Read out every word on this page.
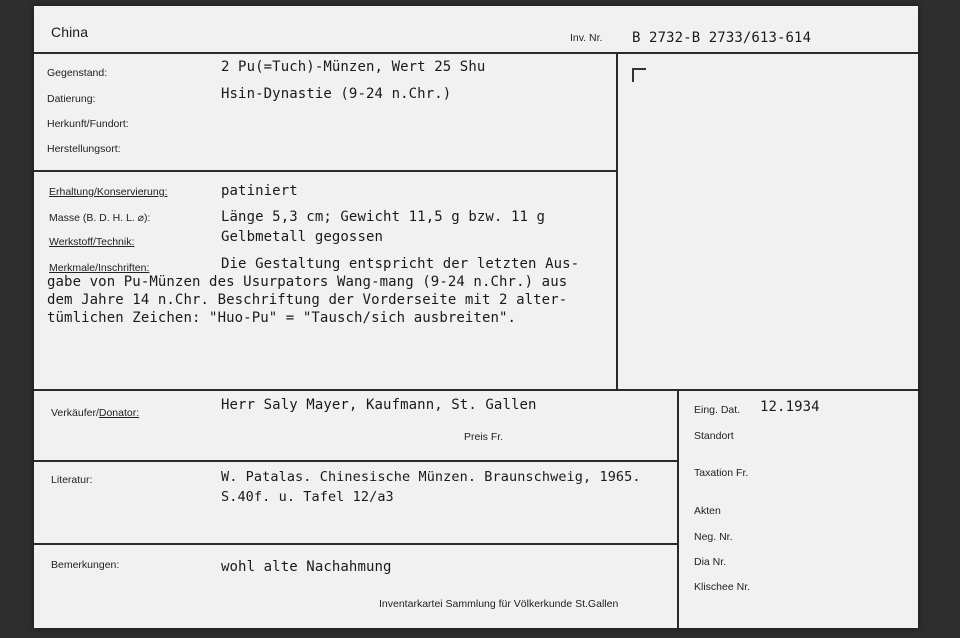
China	Inv. Nr. B 2732-B 2733/613-614
Gegenstand:	2 Pu(=Tuch)-Münzen, Wert 25 Shu
Datierung:	Hsin-Dynastie (9-24 n.Chr.)
Herkunft/Fundort:
Herstellungsort:
Erhaltung/Konservierung:	patiniert
Masse (B. D. H. L. ⌀):	Länge 5,3 cm; Gewicht 11,5 g bzw. 11 g
Werkstoff/Technik:	Gelbmetall gegossen
Merkmale/Inschriften:	Die Gestaltung entspricht der letzten Aus-
gabe von Pu-Münzen des Usurpators Wang-mang (9-24 n.Chr.) aus
dem Jahre 14 n.Chr. Beschriftung der Vorderseite mit 2 alter-
tümlichen Zeichen: "Huo-Pu" = "Tausch/sich ausbreiten".
Verkäufer/Donator:	Herr Saly Mayer, Kaufmann, St. Gallen
Preis Fr.
Literatur:	W. Patalas. Chinesische Münzen. Braunschweig, 1965.
S.40f. u. Tafel 12/a3
Bemerkungen:	wohl alte Nachahmung
Inventarkartei Sammlung für Völkerkunde St.Gallen
Eing. Dat. 12.1934
Standort
Taxation Fr.
Akten
Neg. Nr.
Dia Nr.
Klischee Nr.
